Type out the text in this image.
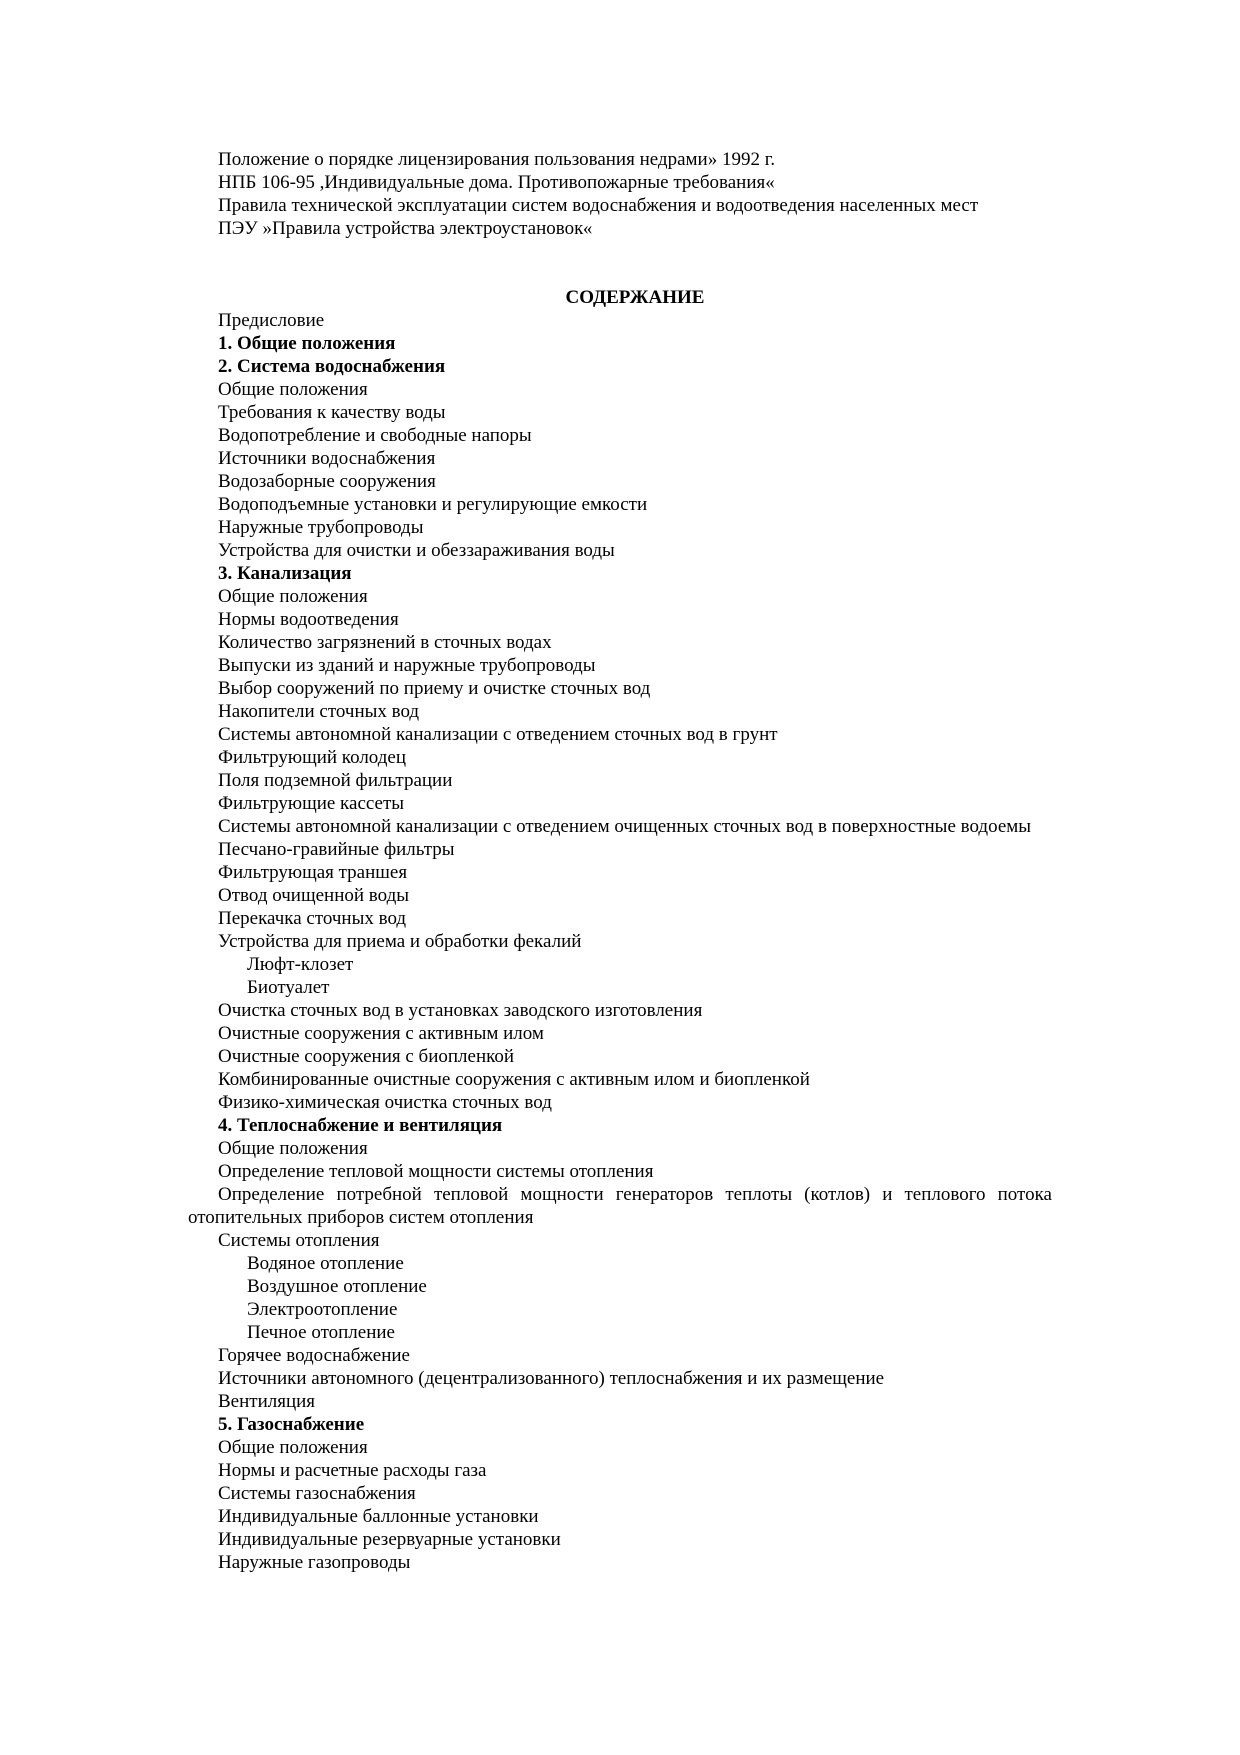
Положение о порядке лицензирования пользования недрами» 1992 г.
НПБ 106-95 ,Индивидуальные дома. Противопожарные требования«
Правила технической эксплуатации систем водоснабжения и водоотведения населенных мест
ПЭУ »Правила устройства электроустановок«
СОДЕРЖАНИЕ
Предисловие
1. Общие положения
2. Система водоснабжения
Общие положения
Требования к качеству воды
Водопотребление и свободные напоры
Источники водоснабжения
Водозаборные сооружения
Водоподъемные установки и регулирующие емкости
Наружные трубопроводы
Устройства для очистки и обеззараживания воды
3. Канализация
Общие положения
Нормы водоотведения
Количество загрязнений в сточных водах
Выпуски из зданий и наружные трубопроводы
Выбор сооружений по приему и очистке сточных вод
Накопители сточных вод
Системы автономной канализации с отведением сточных вод в грунт
Фильтрующий колодец
Поля подземной фильтрации
Фильтрующие кассеты
Системы автономной канализации с отведением очищенных сточных вод в поверхностные водоемы
Песчано-гравийные фильтры
Фильтрующая траншея
Отвод очищенной воды
Перекачка сточных вод
Устройства для приема и обработки фекалий
Люфт-клозет
Биотуалет
Очистка сточных вод в установках заводского изготовления
Очистные сооружения с активным илом
Очистные сооружения с биопленкой
Комбинированные очистные сооружения с активным илом и биопленкой
Физико-химическая очистка сточных вод
4. Теплоснабжение и вентиляция
Общие положения
Определение тепловой мощности системы отопления
Определение потребной тепловой мощности генераторов теплоты (котлов) и теплового потока отопительных приборов систем отопления
Системы отопления
Водяное отопление
Воздушное отопление
Электроотопление
Печное отопление
Горячее водоснабжение
Источники автономного (децентрализованного) теплоснабжения и их размещение
Вентиляция
5. Газоснабжение
Общие положения
Нормы и расчетные расходы газа
Системы газоснабжения
Индивидуальные баллонные установки
Индивидуальные резервуарные установки
Наружные газопроводы
